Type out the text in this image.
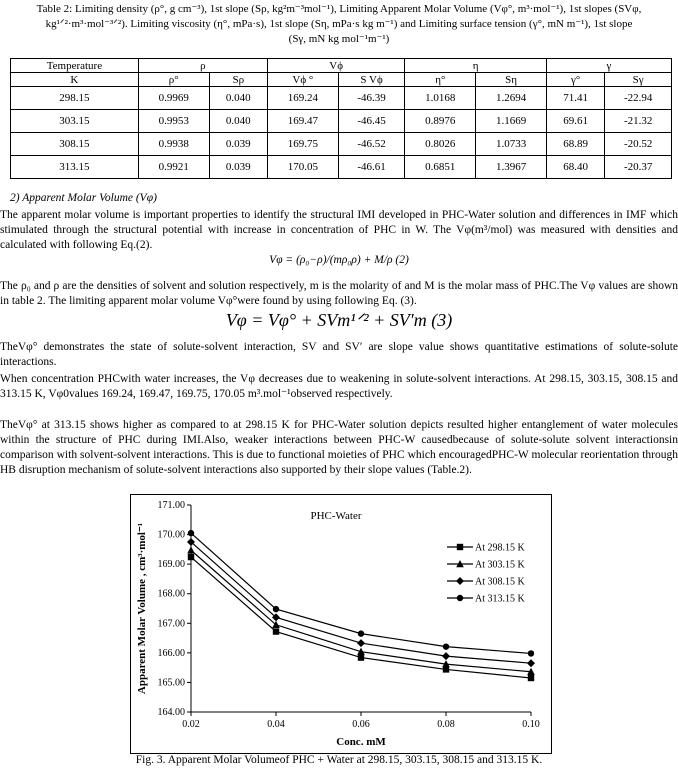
Table 2: Limiting density (ρ°, g cm⁻³), 1st slope (Sρ, kg²m⁻³mol⁻¹), Limiting Apparent Molar Volume (Vφ°, m³·mol⁻¹), 1st slopes (SVφ,
kg¹ᐟ²·m³·mol⁻³ᐟ²). Limiting viscosity (η°, mPa·s), 1st slope (Sη, mPa·s kg m⁻¹) and Limiting surface tension (γ°, mN m⁻¹), 1st slope
(Sγ, mN kg mol⁻¹m⁻¹)
Temperature	ρ		Vϕ		η		γ	
K	ρ°	Sρ	Vϕ °	S Vϕ	η°	Sη	γ°	Sγ
298.15	0.9969	0.040	169.24	-46.39	1.0168	1.2694	71.41	-22.94
303.15	0.9953	0.040	169.47	-46.45	0.8976	1.1669	69.61	-21.32
308.15	0.9938	0.039	169.75	-46.52	0.8026	1.0733	68.89	-20.52
313.15	0.9921	0.039	170.05	-46.61	0.6851	1.3967	68.40	-20.37
2) Apparent Molar Volume (Vφ)
The apparent molar volume is important properties to identify the structural IMI developed in PHC-Water solution and differences in IMF which stimulated through the structural potential with increase in concentration of PHC in W. The Vφ(m³/mol) was measured with densities and calculated with following Eq.(2).
Vφ = (ρ₀−ρ)/(mρ₀ρ) + M/ρ (2)
The ρ₀ and ρ are the densities of solvent and solution respectively, m is the molarity of and M is the molar mass of PHC.The Vφ values are shown in table 2. The limiting apparent molar volume Vφ°were found by using following Eq. (3).
Vφ = Vφ° + SVm¹ᐟ² + SV′m (3)
TheVφ° demonstrates the state of solute-solvent interaction, SV and SV′ are slope value shows quantitative estimations of solute-solute interactions.
When concentration PHCwith water increases, the Vφ decreases due to weakening in solute-solvent interactions. At 298.15, 303.15, 308.15 and 313.15 K, Vφ0values 169.24, 169.47, 169.75, 170.05 m³.mol⁻¹observed respectively.
TheVφ° at 313.15 shows higher as compared to at 298.15 K for PHC-Water solution depicts resulted higher entanglement of water molecules within the structure of PHC during IMI.Also, weaker interactions between PHC-W causedbecause of solute-solute solvent interactionsin comparison with solvent-solvent interactions. This is due to functional moieties of PHC which encouragedPHC-W molecular reorientation through HB disruption mechanism of solute-solvent interactions also supported by their slope values (Table.2).
164.00
165.00
166.00
167.00
168.00
169.00
170.00
171.00
0.02	0.04	0.06	0.08	0.10
PHC-Water
Conc. mM
Apparent Molar Volume , cm³·mol⁻¹	At 298.15 K
At 303.15 K
At 308.15 K
At 313.15 K
Fig. 3. Apparent Molar Volumeof PHC + Water at 298.15, 303.15, 308.15 and 313.15 K.
